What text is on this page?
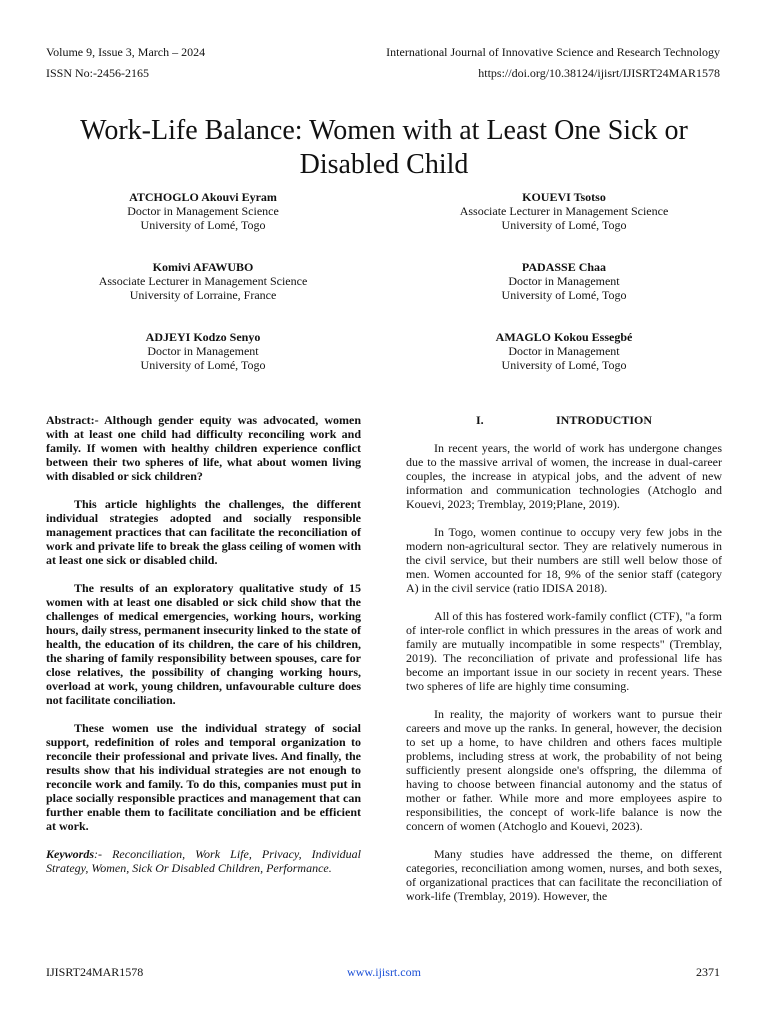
Volume 9, Issue 3, March – 2024	International Journal of Innovative Science and Research Technology
ISSN No:-2456-2165	https://doi.org/10.38124/ijisrt/IJISRT24MAR1578
Work-Life Balance: Women with at Least One Sick or Disabled Child
ATCHOGLO Akouvi Eyram
Doctor in Management Science
University of Lomé, Togo
KOUEVI Tsotso
Associate Lecturer in Management Science
University of Lomé, Togo
Komivi AFAWUBO
Associate Lecturer in Management Science
University of Lorraine, France
PADASSE Chaa
Doctor in Management
University of Lomé, Togo
ADJEYI Kodzo Senyo
Doctor in Management
University of Lomé, Togo
AMAGLO Kokou Essegbé
Doctor in Management
University of Lomé, Togo

Abstract:- Although gender equity was advocated, women with at least one child had difficulty reconciling work and family. If women with healthy children experience conflict between their two spheres of life, what about women living with disabled or sick children?

This article highlights the challenges, the different individual strategies adopted and socially responsible management practices that can facilitate the reconciliation of work and private life to break the glass ceiling of women with at least one sick or disabled child.

The results of an exploratory qualitative study of 15 women with at least one disabled or sick child show that the challenges of medical emergencies, working hours, working hours, daily stress, permanent insecurity linked to the state of health, the education of its children, the care of his children, the sharing of family responsibility between spouses, care for close relatives, the possibility of changing working hours, overload at work, young children, unfavourable culture does not facilitate conciliation.

These women use the individual strategy of social support, redefinition of roles and temporal organization to reconcile their professional and private lives. And finally, the results show that his individual strategies are not enough to reconcile work and family. To do this, companies must put in place socially responsible practices and management that can further enable them to facilitate conciliation and be efficient at work.

Keywords:- Reconciliation, Work Life, Privacy, Individual Strategy, Women, Sick Or Disabled Children, Performance.

I.	INTRODUCTION

In recent years, the world of work has undergone changes due to the massive arrival of women, the increase in dual-career couples, the increase in atypical jobs, and the advent of new information and communication technologies (Atchoglo and Kouevi, 2023; Tremblay, 2019;Plane, 2019).

In Togo, women continue to occupy very few jobs in the modern non-agricultural sector. They are relatively numerous in the civil service, but their numbers are still well below those of men. Women accounted for 18, 9% of the senior staff (category A) in the civil service (ratio IDISA 2018).

All of this has fostered work-family conflict (CTF), "a form of inter-role conflict in which pressures in the areas of work and family are mutually incompatible in some respects" (Tremblay, 2019). The reconciliation of private and professional life has become an important issue in our society in recent years. These two spheres of life are highly time consuming.

In reality, the majority of workers want to pursue their careers and move up the ranks. In general, however, the decision to set up a home, to have children and others faces multiple problems, including stress at work, the probability of not being sufficiently present alongside one's offspring, the dilemma of having to choose between financial autonomy and the status of mother or father. While more and more employees aspire to responsibilities, the concept of work-life balance is now the concern of women (Atchoglo and Kouevi, 2023).

Many studies have addressed the theme, on different categories, reconciliation among women, nurses, and both sexes, of organizational practices that can facilitate the reconciliation of work-life (Tremblay, 2019). However, the

IJISRT24MAR1578	www.ijisrt.com	2371
